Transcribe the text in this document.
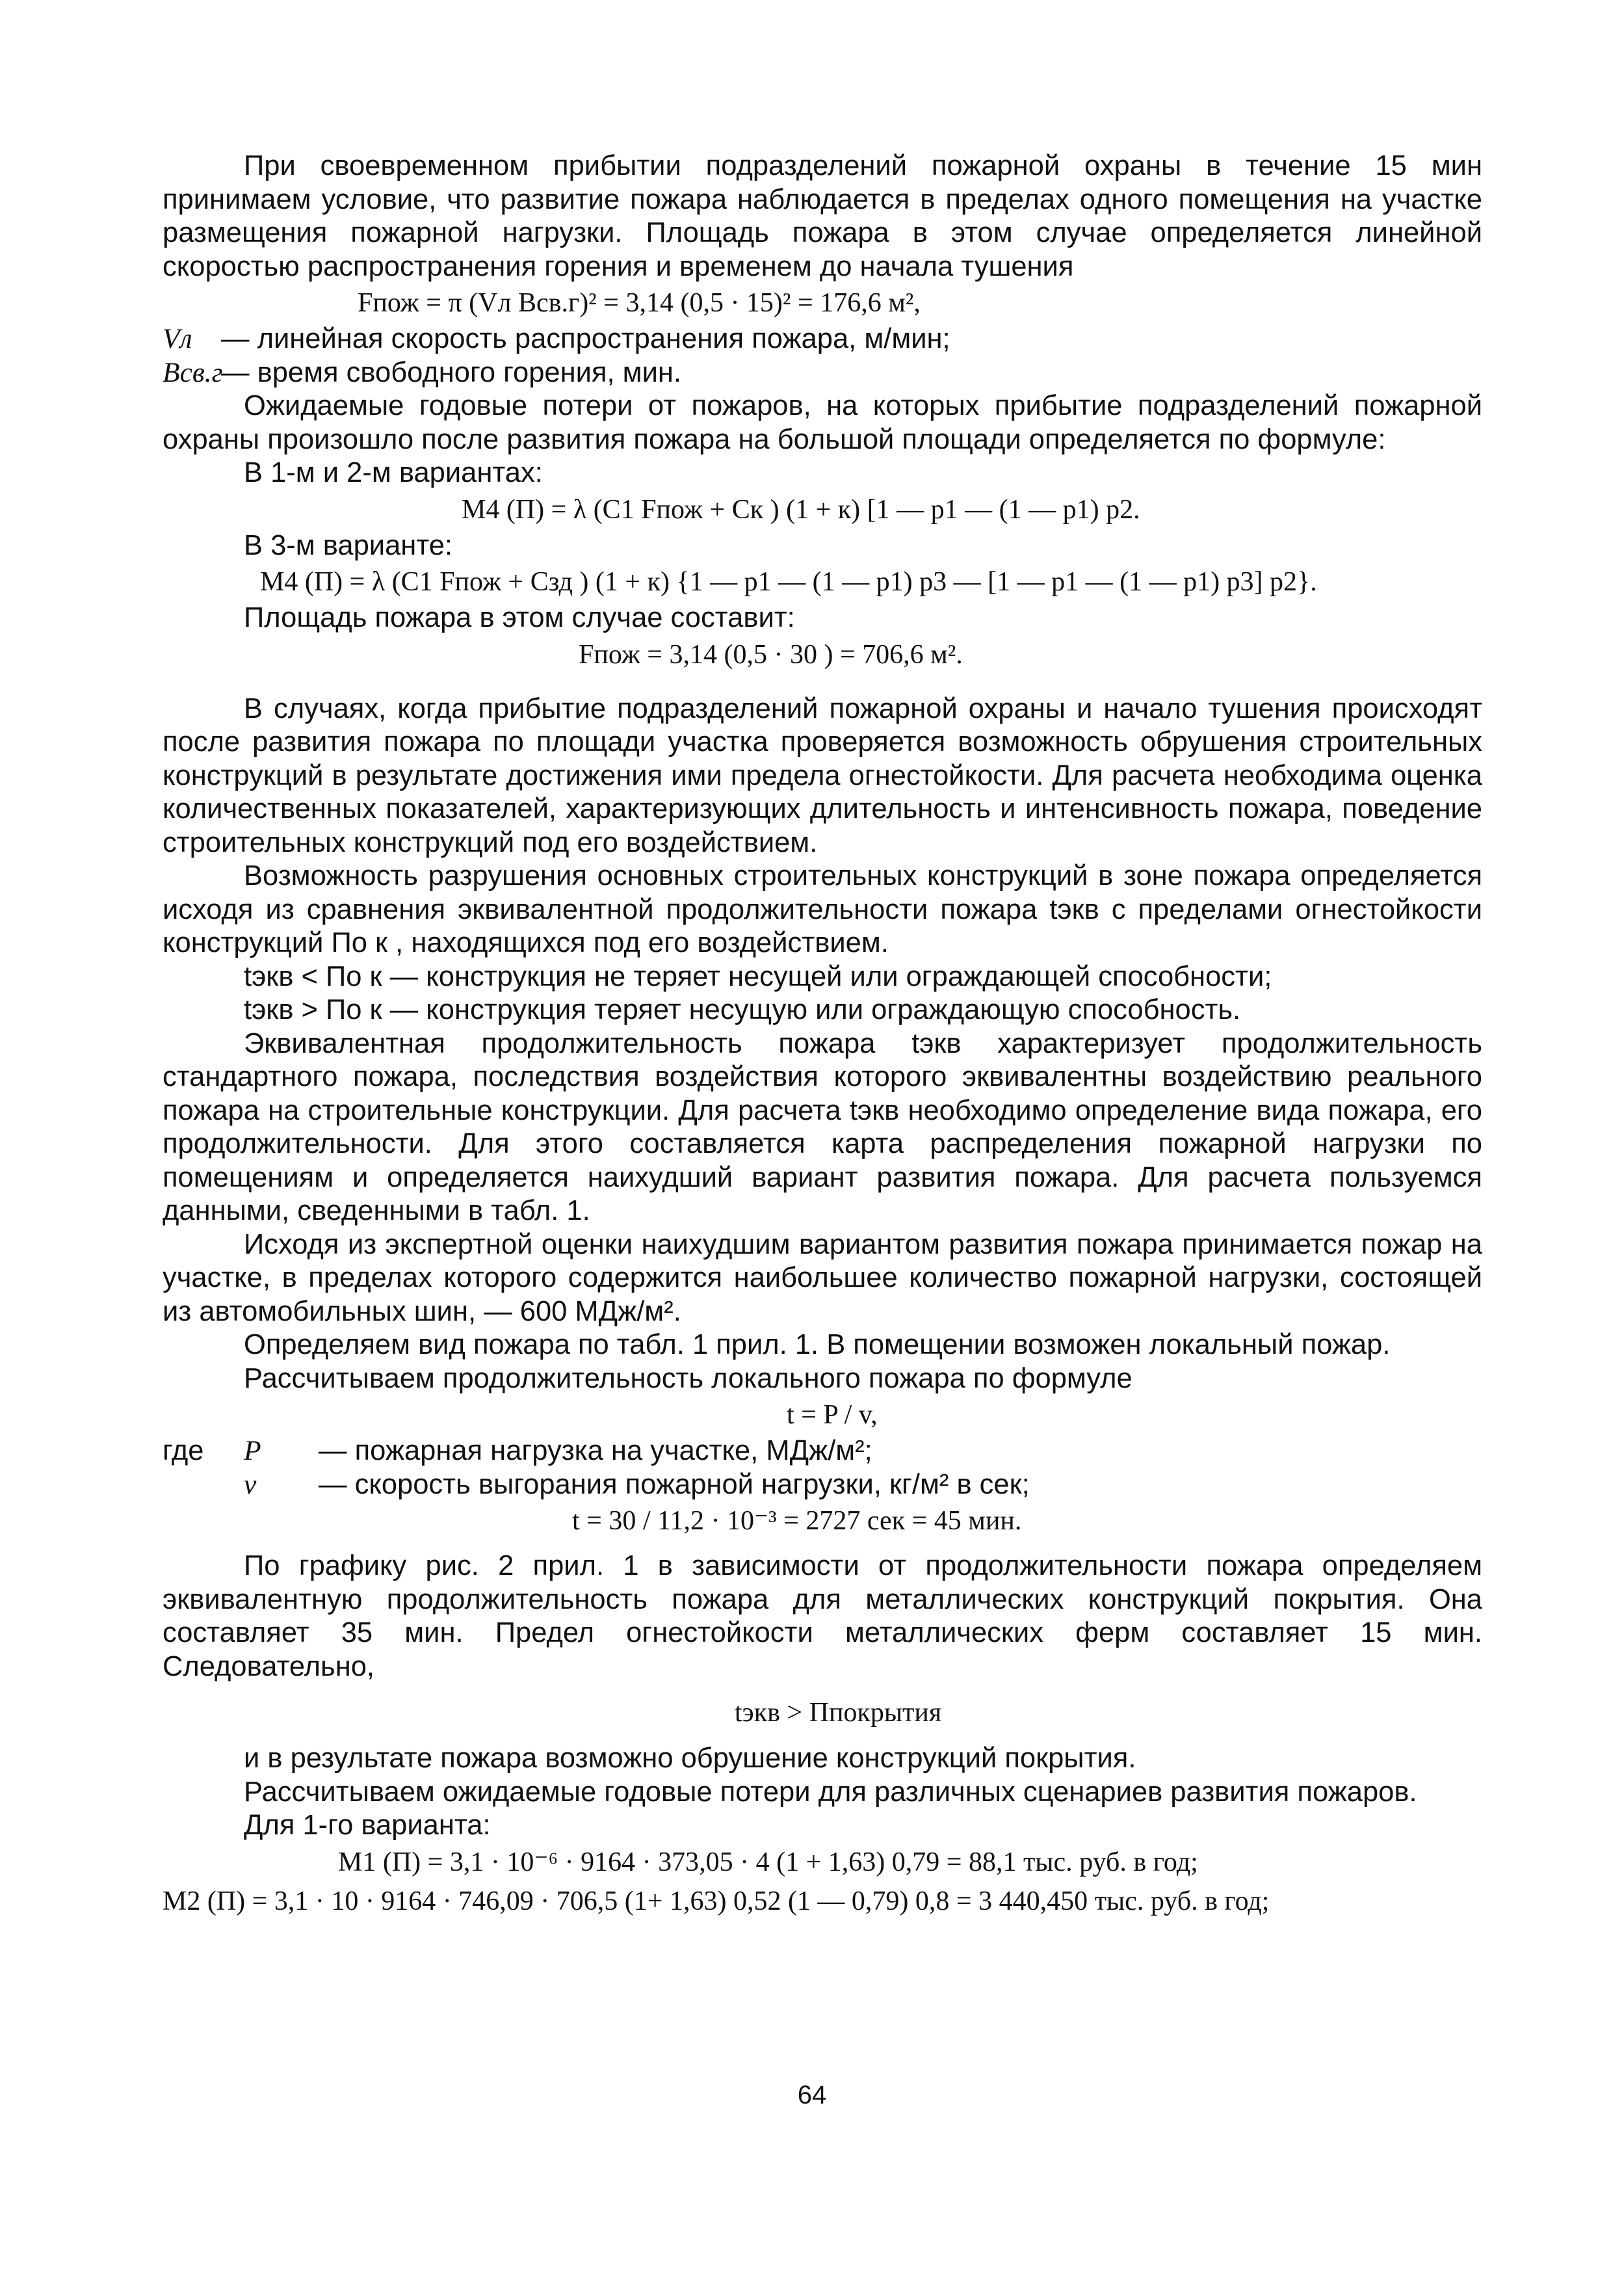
При своевременном прибытии подразделений пожарной охраны в течение 15 мин принимаем условие, что развитие пожара наблюдается в пределах одного помещения на участке размещения пожарной нагрузки. Площадь пожара в этом случае определяется линейной скоростью распространения горения и временем до начала тушения

Fпож = π (Vл Всв.г)² = 3,14 (0,5 · 15)² = 176,6 м²,

Vл	— линейная скорость распространения пожара, м/мин;
Всв.г
— время свободного горения, мин.

Ожидаемые годовые потери от пожаров, на которых прибытие подразделений пожарной охраны произошло после развития пожара на большой площади определяется по формуле:

В 1-м и 2-м вариантах:

M4 (П) = λ (C1 Fпож + Cк ) (1 + к) [1 — p1 — (1 — p1) p2.

В 3-м варианте:

M4 (П) = λ (C1 Fпож + Cзд ) (1 + к) {1 — p1 — (1 — p1) p3 — [1 — p1 — (1 — p1) p3] p2}.

Площадь пожара в этом случае составит:

Fпож = 3,14 (0,5 · 30 ) = 706,6 м².

В случаях, когда прибытие подразделений пожарной охраны и начало тушения происходят после развития пожара по площади участка проверяется возможность обрушения строительных конструкций в результате достижения ими предела огнестойкости. Для расчета необходима оценка количественных показателей, характеризующих длительность и интенсивность пожара, поведение строительных конструкций под его воздействием.

Возможность разрушения основных строительных конструкций в зоне пожара определяется исходя из сравнения эквивалентной продолжительности пожара tэкв с пределами огнестойкости конструкций По к , находящихся под его воздействием.

tэкв < По к — конструкция не теряет несущей или ограждающей способности;
tэкв > По к — конструкция теряет несущую или ограждающую способность.

Эквивалентная продолжительность пожара tэкв характеризует продолжительность стандартного пожара, последствия воздействия которого эквивалентны воздействию реального пожара на строительные конструкции. Для расчета tэкв необходимо определение вида пожара, его продолжительности. Для этого составляется карта распределения пожарной нагрузки по помещениям и определяется наихудший вариант развития пожара. Для расчета пользуемся данными, сведенными в табл. 1.

Исходя из экспертной оценки наихудшим вариантом развития пожара принимается пожар на участке, в пределах которого содержится наибольшее количество пожарной нагрузки, состоящей из автомобильных шин, — 600 МДж/м².

Определяем вид пожара по табл. 1 прил. 1. В помещении возможен локальный пожар.

Рассчитываем продолжительность локального пожара по формуле

t = P / v,

где	P	— пожарная нагрузка на участке, МДж/м²;
v	— скорость выгорания пожарной нагрузки, кг/м² в сек;

t = 30 / 11,2 · 10⁻³ = 2727 сек = 45 мин.

По графику рис. 2 прил. 1 в зависимости от продолжительности пожара определяем эквивалентную продолжительность пожара для металлических конструкций покрытия. Она составляет 35 мин. Предел огнестойкости металлических ферм составляет 15 мин. Следовательно,

tэкв > Ппокрытия

и в результате пожара возможно обрушение конструкций покрытия.

Рассчитываем ожидаемые годовые потери для различных сценариев развития пожаров.

Для 1-го варианта:

M1 (П) = 3,1 · 10⁻⁶ · 9164 · 373,05 · 4 (1 + 1,63) 0,79 = 88,1 тыс. руб. в год;

M2 (П) = 3,1 · 10 · 9164 · 746,09 · 706,5 (1+ 1,63) 0,52 (1 — 0,79) 0,8 = 3 440,450 тыс. руб. в год;

64
